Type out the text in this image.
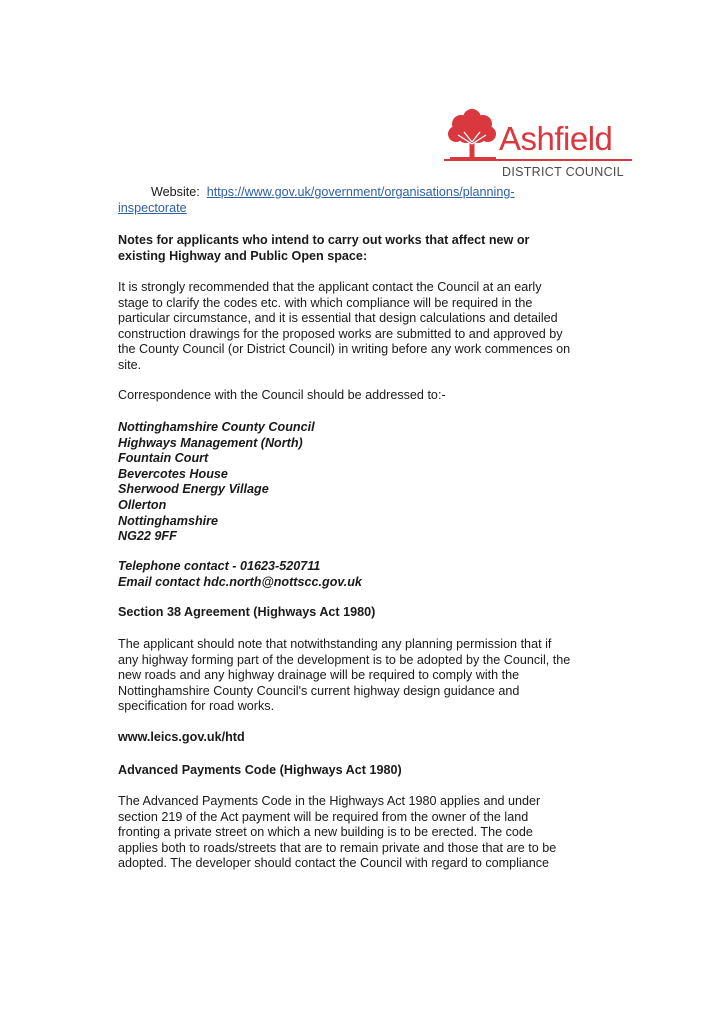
Ashfield
DISTRICT COUNCIL
Website: https://www.gov.uk/government/organisations/planning-
inspectorate
Notes for applicants who intend to carry out works that affect new or
existing Highway and Public Open space:
It is strongly recommended that the applicant contact the Council at an early
stage to clarify the codes etc. with which compliance will be required in the
particular circumstance, and it is essential that design calculations and detailed
construction drawings for the proposed works are submitted to and approved by
the County Council (or District Council) in writing before any work commences on
site.
Correspondence with the Council should be addressed to:-
Nottinghamshire County Council
Highways Management (North)
Fountain Court
Bevercotes House
Sherwood Energy Village
Ollerton
Nottinghamshire
NG22 9FF
Telephone contact - 01623-520711
Email contact hdc.north@nottscc.gov.uk
Section 38 Agreement (Highways Act 1980)
The applicant should note that notwithstanding any planning permission that if
any highway forming part of the development is to be adopted by the Council, the
new roads and any highway drainage will be required to comply with the
Nottinghamshire County Council's current highway design guidance and
specification for road works.
www.leics.gov.uk/htd
Advanced Payments Code (Highways Act 1980)
The Advanced Payments Code in the Highways Act 1980 applies and under
section 219 of the Act payment will be required from the owner of the land
fronting a private street on which a new building is to be erected. The code
applies both to roads/streets that are to remain private and those that are to be
adopted. The developer should contact the Council with regard to compliance
